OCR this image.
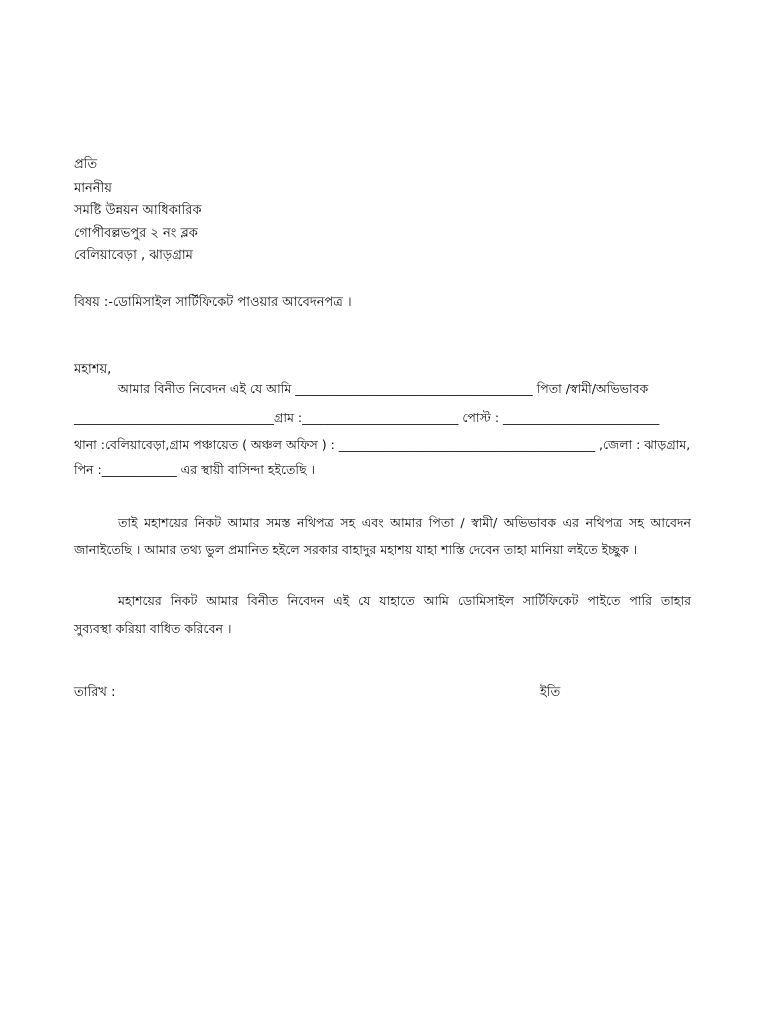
প্রতি
মাননীয়
সমষ্টি উন্নয়ন আধিকারিক
গোপীবল্লভপুর ২ নং ব্লক
বেলিয়াবেড়া , ঝাড়গ্রাম
বিষয় :-ডোমিসাইল সার্টিফিকেট পাওয়ার আবেদনপত্র ।
মহাশয়,
আমার বিনীত নিবেদন এই যে আমি ______________________________________ পিতা /স্বামী/অভিভাবক
________________________________গ্রাম :_________________________ পোস্ট : _________________________
থানা :বেলিয়াবেড়া,গ্রাম পঞ্চায়েত ( অঞ্চল অফিস ) : _________________________________________ ,জেলা : ঝাড়গ্রাম,
পিন :____________ এর স্থায়ী বাসিন্দা হইতেছি ।
তাই মহাশয়ের নিকট আমার সমস্ত নথিপত্র সহ এবং আমার পিতা / স্বামী/ অভিভাবক এর নথিপত্র সহ আবেদন
জানাইতেছি । আমার তথ্য ভুল প্রমানিত হইলে সরকার বাহাদুর মহাশয় যাহা শাস্তি দেবেন তাহা মানিয়া লইতে ইচ্ছুক ।
মহাশয়ের নিকট আমার বিনীত নিবেদন এই যে যাহাতে আমি ডোমিসাইল সার্টিফিকেট পাইতে পারি তাহার
সুব্যবস্থা করিয়া বাধিত করিবেন ।
তারিখ :	ইতি
